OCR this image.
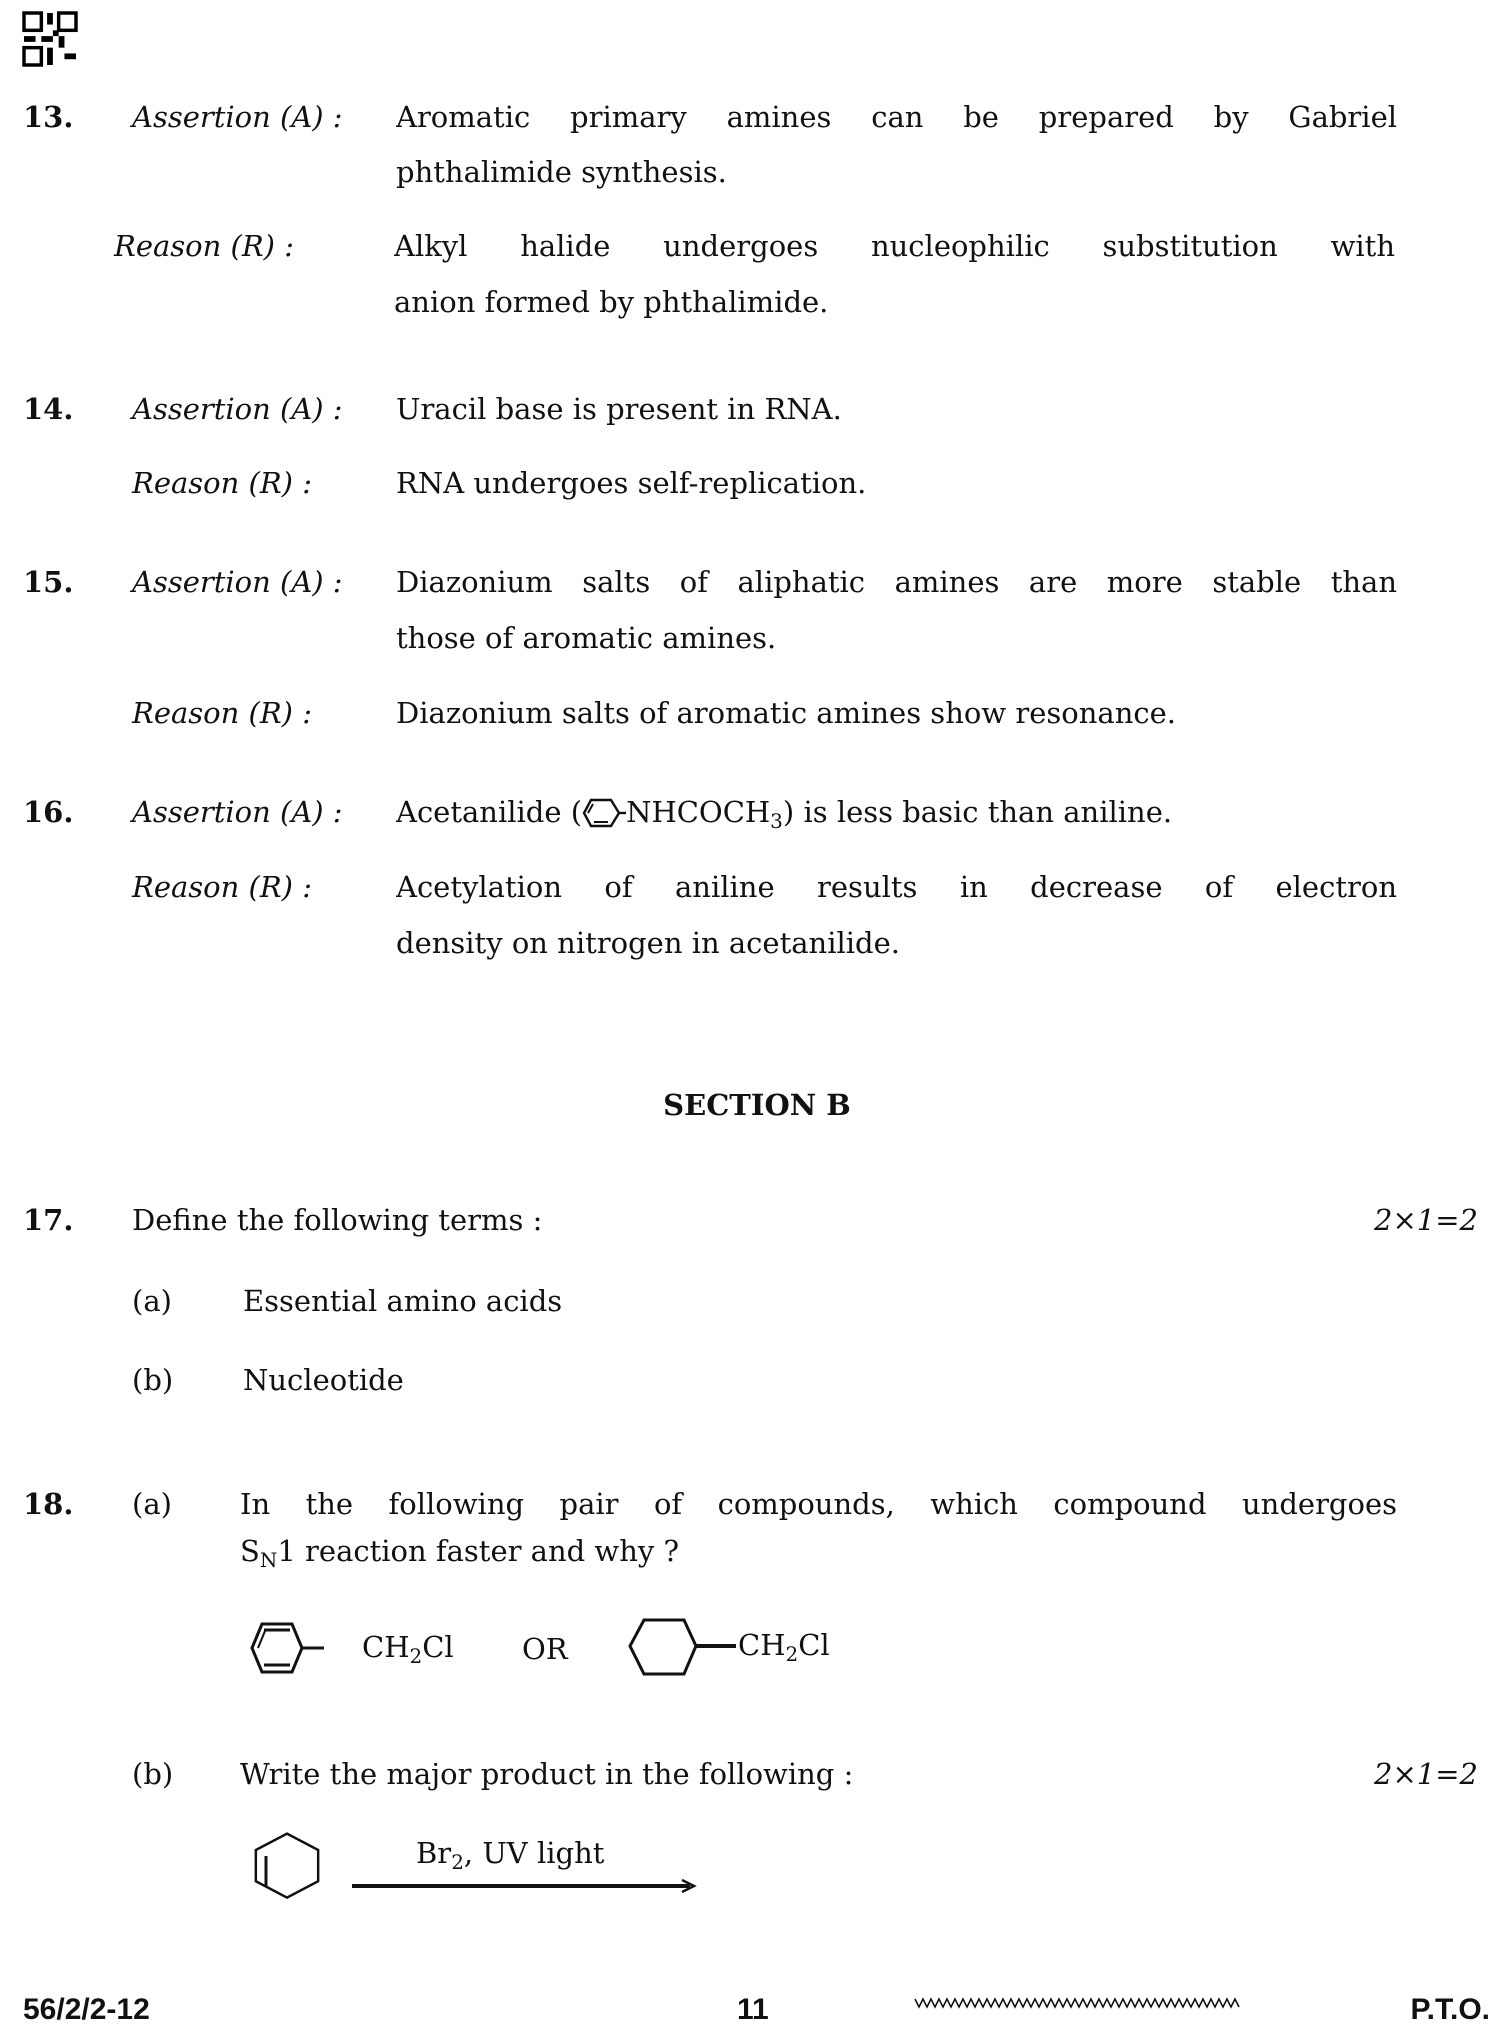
13. Assertion (A) : Aromatic primary amines can be prepared by Gabriel
phthalimide synthesis.
Reason (R) :	Alkyl halide undergoes nucleophilic substitution with
anion formed by phthalimide.
14. Assertion (A) : Uracil base is present in RNA.
Reason (R) :	RNA undergoes self-replication.
15. Assertion (A) : Diazonium salts of aliphatic amines are more stable than
those of aromatic amines.
Reason (R) :	Diazonium salts of aromatic amines show resonance.
16. Assertion (A) : Acetanilide ( $NHCOCH_3$) is less basic than aniline.
Reason (R) :	Acetylation of aniline results in decrease of electron
density on nitrogen in acetanilide.
SECTION B
17. Define the following terms :	2×1=2
(a) Essential amino acids
(b) Nucleotide
18. (a) In the following pair of compounds, which compound undergoes
$S_N1$ reaction faster and why ?
$CH_2Cl$ OR	$CH_2Cl$
(b) Write the major product in the following :	2×1=2
$Br_2$, UV light
56/2/2-12	11	P.T.O.
